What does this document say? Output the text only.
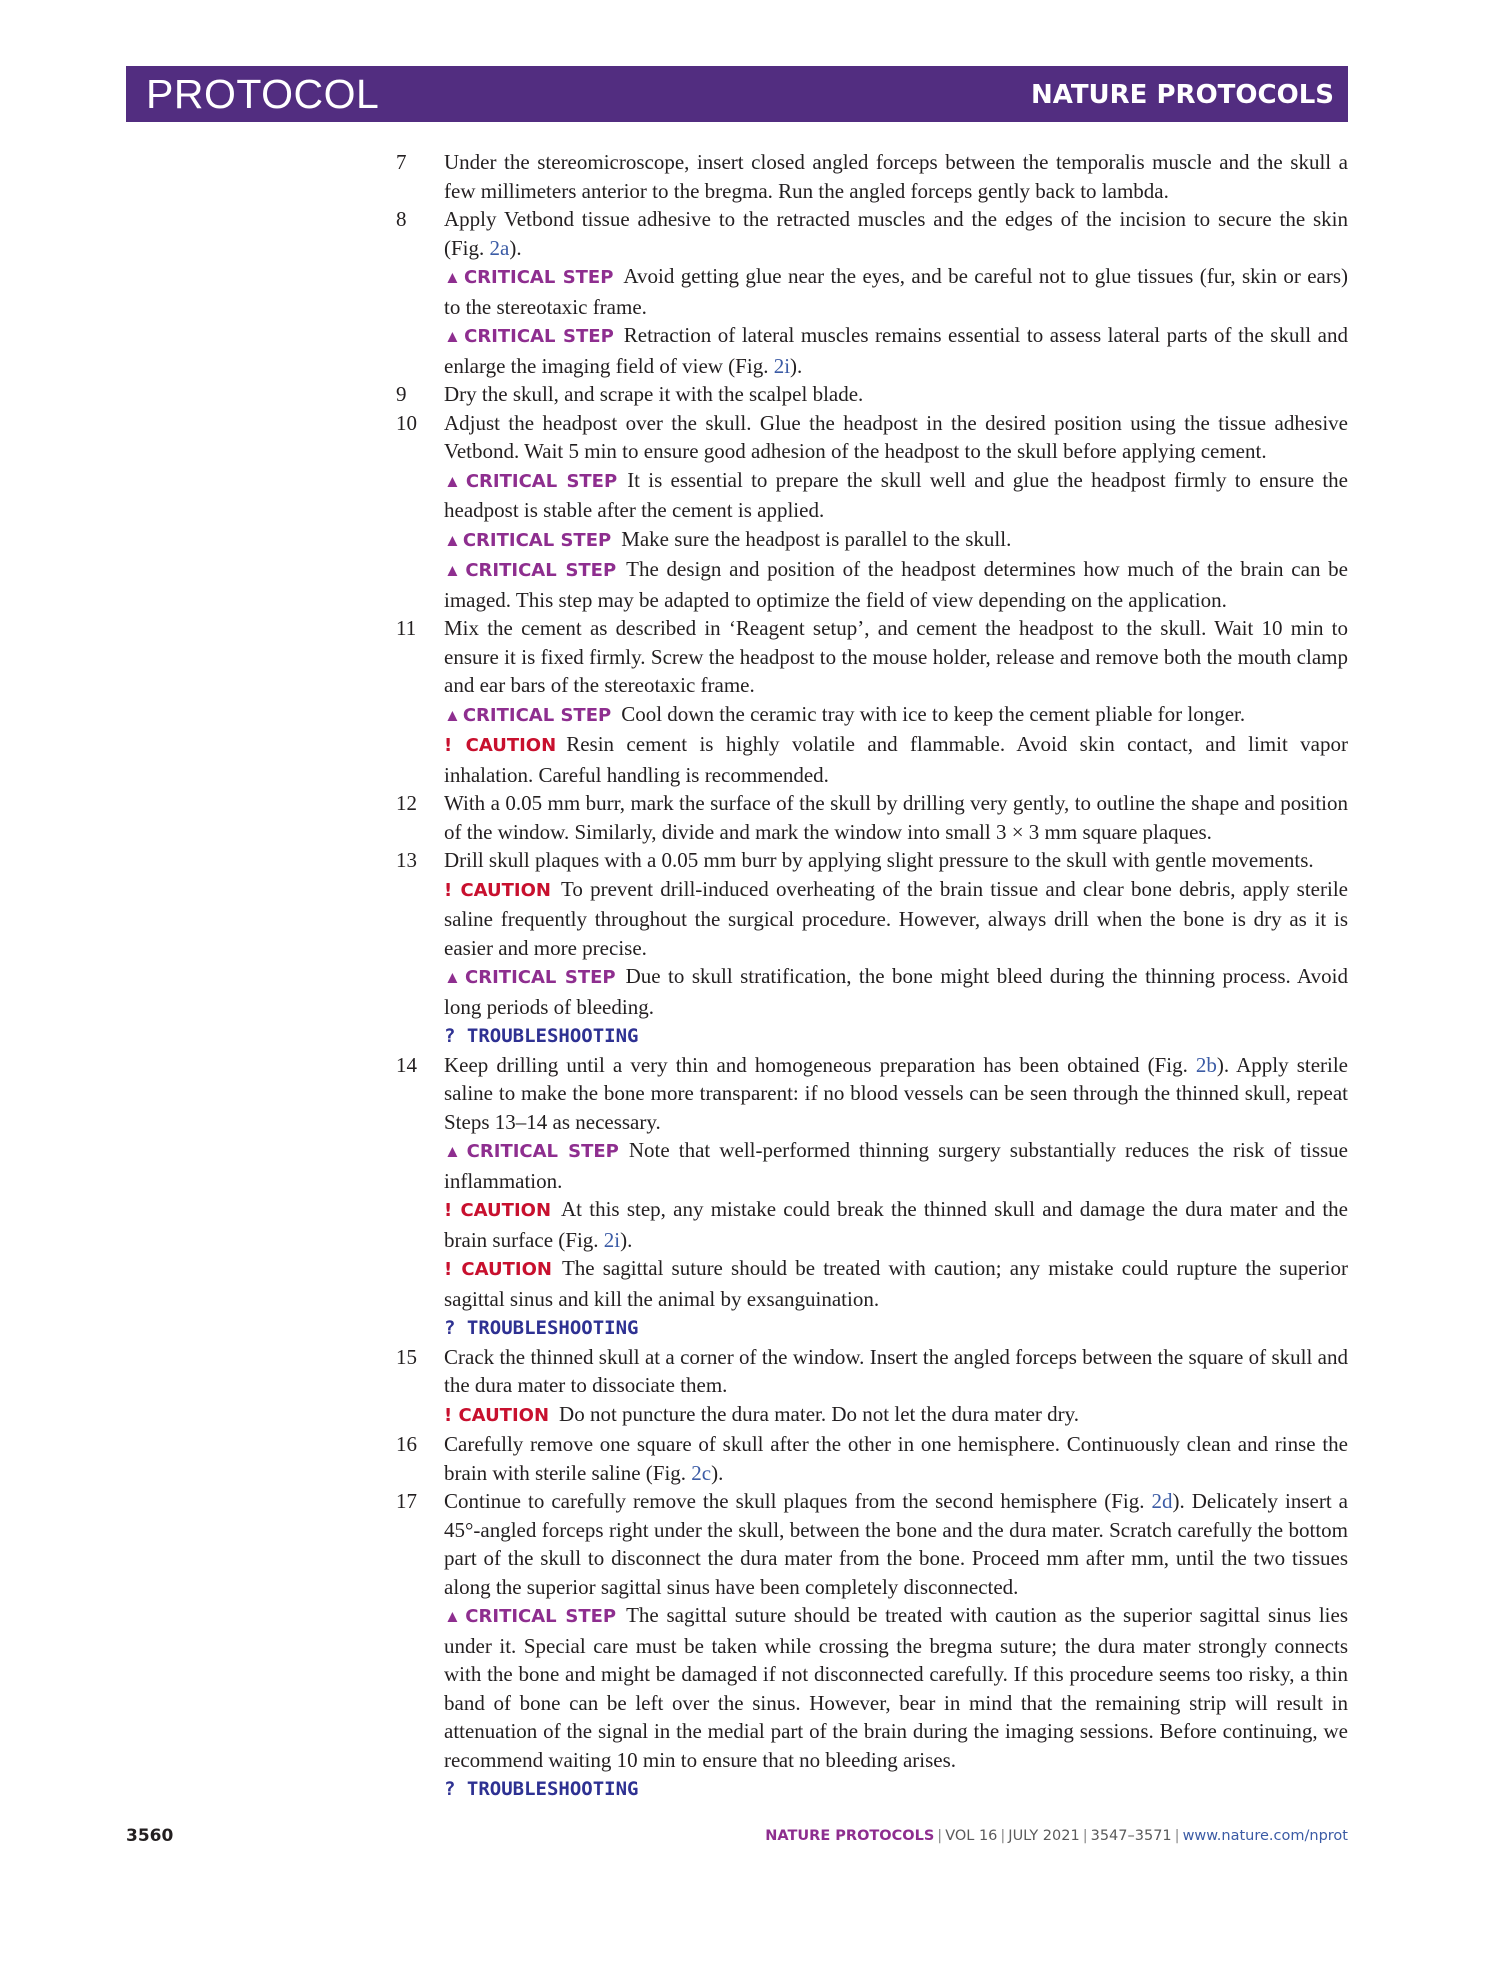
PROTOCOL	NATURE PROTOCOLS
7	Under the stereomicroscope, insert closed angled forceps between the temporalis muscle and the skull a few millimeters anterior to the bregma. Run the angled forceps gently back to lambda.
8	Apply Vetbond tissue adhesive to the retracted muscles and the edges of the incision to secure the skin (Fig. 2a).
▲ CRITICAL STEP Avoid getting glue near the eyes, and be careful not to glue tissues (fur, skin or ears) to the stereotaxic frame.
▲ CRITICAL STEP Retraction of lateral muscles remains essential to assess lateral parts of the skull and enlarge the imaging field of view (Fig. 2i).
9	Dry the skull, and scrape it with the scalpel blade.
10	Adjust the headpost over the skull. Glue the headpost in the desired position using the tissue adhesive Vetbond. Wait 5 min to ensure good adhesion of the headpost to the skull before applying cement.
▲ CRITICAL STEP It is essential to prepare the skull well and glue the headpost firmly to ensure the headpost is stable after the cement is applied.
▲ CRITICAL STEP Make sure the headpost is parallel to the skull.
▲ CRITICAL STEP The design and position of the headpost determines how much of the brain can be imaged. This step may be adapted to optimize the field of view depending on the application.
11	Mix the cement as described in ‘Reagent setup’, and cement the headpost to the skull. Wait 10 min to ensure it is fixed firmly. Screw the headpost to the mouse holder, release and remove both the mouth clamp and ear bars of the stereotaxic frame.
▲ CRITICAL STEP Cool down the ceramic tray with ice to keep the cement pliable for longer.
! CAUTION Resin cement is highly volatile and flammable. Avoid skin contact, and limit vapor inhalation. Careful handling is recommended.
12	With a 0.05 mm burr, mark the surface of the skull by drilling very gently, to outline the shape and position of the window. Similarly, divide and mark the window into small 3 × 3 mm square plaques.
13	Drill skull plaques with a 0.05 mm burr by applying slight pressure to the skull with gentle movements.
! CAUTION To prevent drill-induced overheating of the brain tissue and clear bone debris, apply sterile saline frequently throughout the surgical procedure. However, always drill when the bone is dry as it is easier and more precise.
▲ CRITICAL STEP Due to skull stratification, the bone might bleed during the thinning process. Avoid long periods of bleeding.
? TROUBLESHOOTING
14	Keep drilling until a very thin and homogeneous preparation has been obtained (Fig. 2b). Apply sterile saline to make the bone more transparent: if no blood vessels can be seen through the thinned skull, repeat Steps 13–14 as necessary.
▲ CRITICAL STEP Note that well-performed thinning surgery substantially reduces the risk of tissue inflammation.
! CAUTION At this step, any mistake could break the thinned skull and damage the dura mater and the brain surface (Fig. 2i).
! CAUTION The sagittal suture should be treated with caution; any mistake could rupture the superior sagittal sinus and kill the animal by exsanguination.
? TROUBLESHOOTING
15	Crack the thinned skull at a corner of the window. Insert the angled forceps between the square of skull and the dura mater to dissociate them.
! CAUTION Do not puncture the dura mater. Do not let the dura mater dry.
16	Carefully remove one square of skull after the other in one hemisphere. Continuously clean and rinse the brain with sterile saline (Fig. 2c).
17	Continue to carefully remove the skull plaques from the second hemisphere (Fig. 2d). Delicately insert a 45°-angled forceps right under the skull, between the bone and the dura mater. Scratch carefully the bottom part of the skull to disconnect the dura mater from the bone. Proceed mm after mm, until the two tissues along the superior sagittal sinus have been completely disconnected.
▲ CRITICAL STEP The sagittal suture should be treated with caution as the superior sagittal sinus lies under it. Special care must be taken while crossing the bregma suture; the dura mater strongly connects with the bone and might be damaged if not disconnected carefully. If this procedure seems too risky, a thin band of bone can be left over the sinus. However, bear in mind that the remaining strip will result in attenuation of the signal in the medial part of the brain during the imaging sessions. Before continuing, we recommend waiting 10 min to ensure that no bleeding arises.
? TROUBLESHOOTING
3560	NATURE PROTOCOLS | VOL 16 | JULY 2021 | 3547–3571 | www.nature.com/nprot
